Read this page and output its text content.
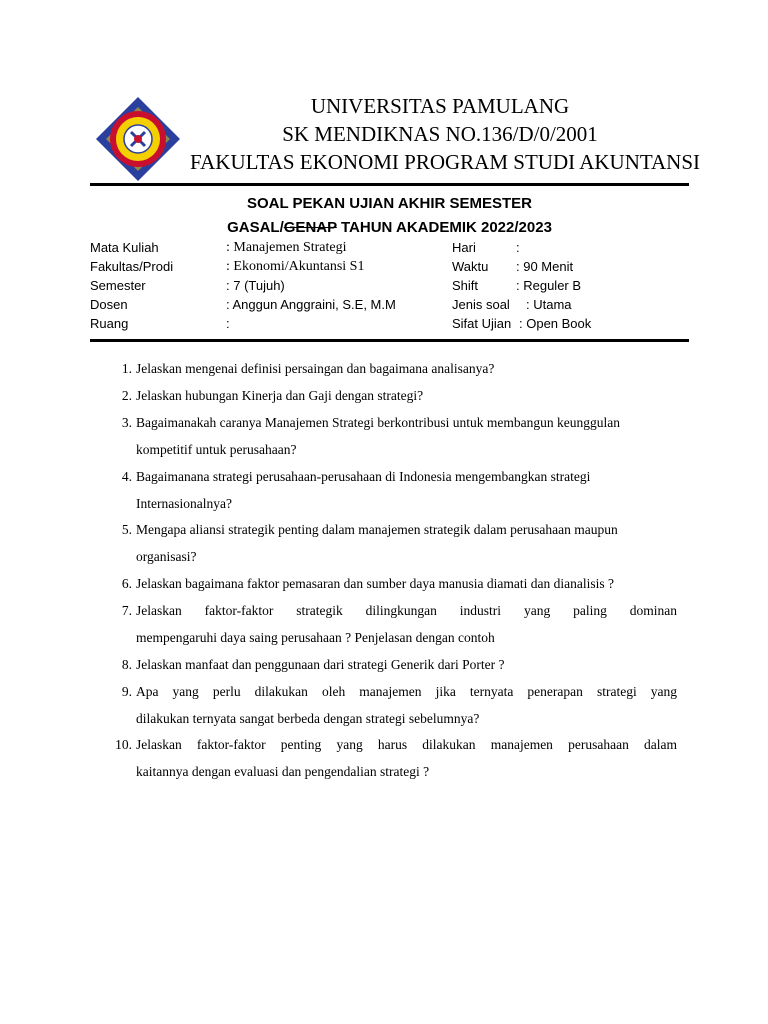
UNIVERSITAS PAMULANG
SK MENDIKNAS NO.136/D/0/2001
FAKULTAS EKONOMI PROGRAM STUDI AKUNTANSI
SOAL PEKAN UJIAN AKHIR SEMESTER
GASAL/GENAP TAHUN AKADEMIK 2022/2023
Mata Kuliah	: Manajemen Strategi	Hari	:
Fakultas/Prodi	: Ekonomi/Akuntansi S1	Waktu : 90 Menit
Semester	: 7 (Tujuh)	Shift	: Reguler B
Dosen	: Anggun Anggraini, S.E, M.M	Jenis soal : Utama
Ruang	:	Sifat Ujian : Open Book
1. Jelaskan mengenai definisi persaingan dan bagaimana analisanya?
2. Jelaskan hubungan Kinerja dan Gaji dengan strategi?
3. Bagaimanakah caranya Manajemen Strategi berkontribusi untuk membangun keunggulan
kompetitif untuk perusahaan?
4. Bagaimanana strategi perusahaan-perusahaan di Indonesia mengembangkan strategi
Internasionalnya?
5. Mengapa aliansi strategik penting dalam manajemen strategik dalam perusahaan maupun
organisasi?
6. Jelaskan bagaimana faktor pemasaran dan sumber daya manusia diamati dan dianalisis ?
7. Jelaskan faktor-faktor strategik dilingkungan industri yang paling dominan
mempengaruhi daya saing perusahaan ? Penjelasan dengan contoh
8. Jelaskan manfaat dan penggunaan dari strategi Generik dari Porter ?
9. Apa yang perlu dilakukan oleh manajemen jika ternyata penerapan strategi yang
dilakukan ternyata sangat berbeda dengan strategi sebelumnya?
10. Jelaskan faktor-faktor penting yang harus dilakukan manajemen perusahaan dalam
kaitannya dengan evaluasi dan pengendalian strategi ?
